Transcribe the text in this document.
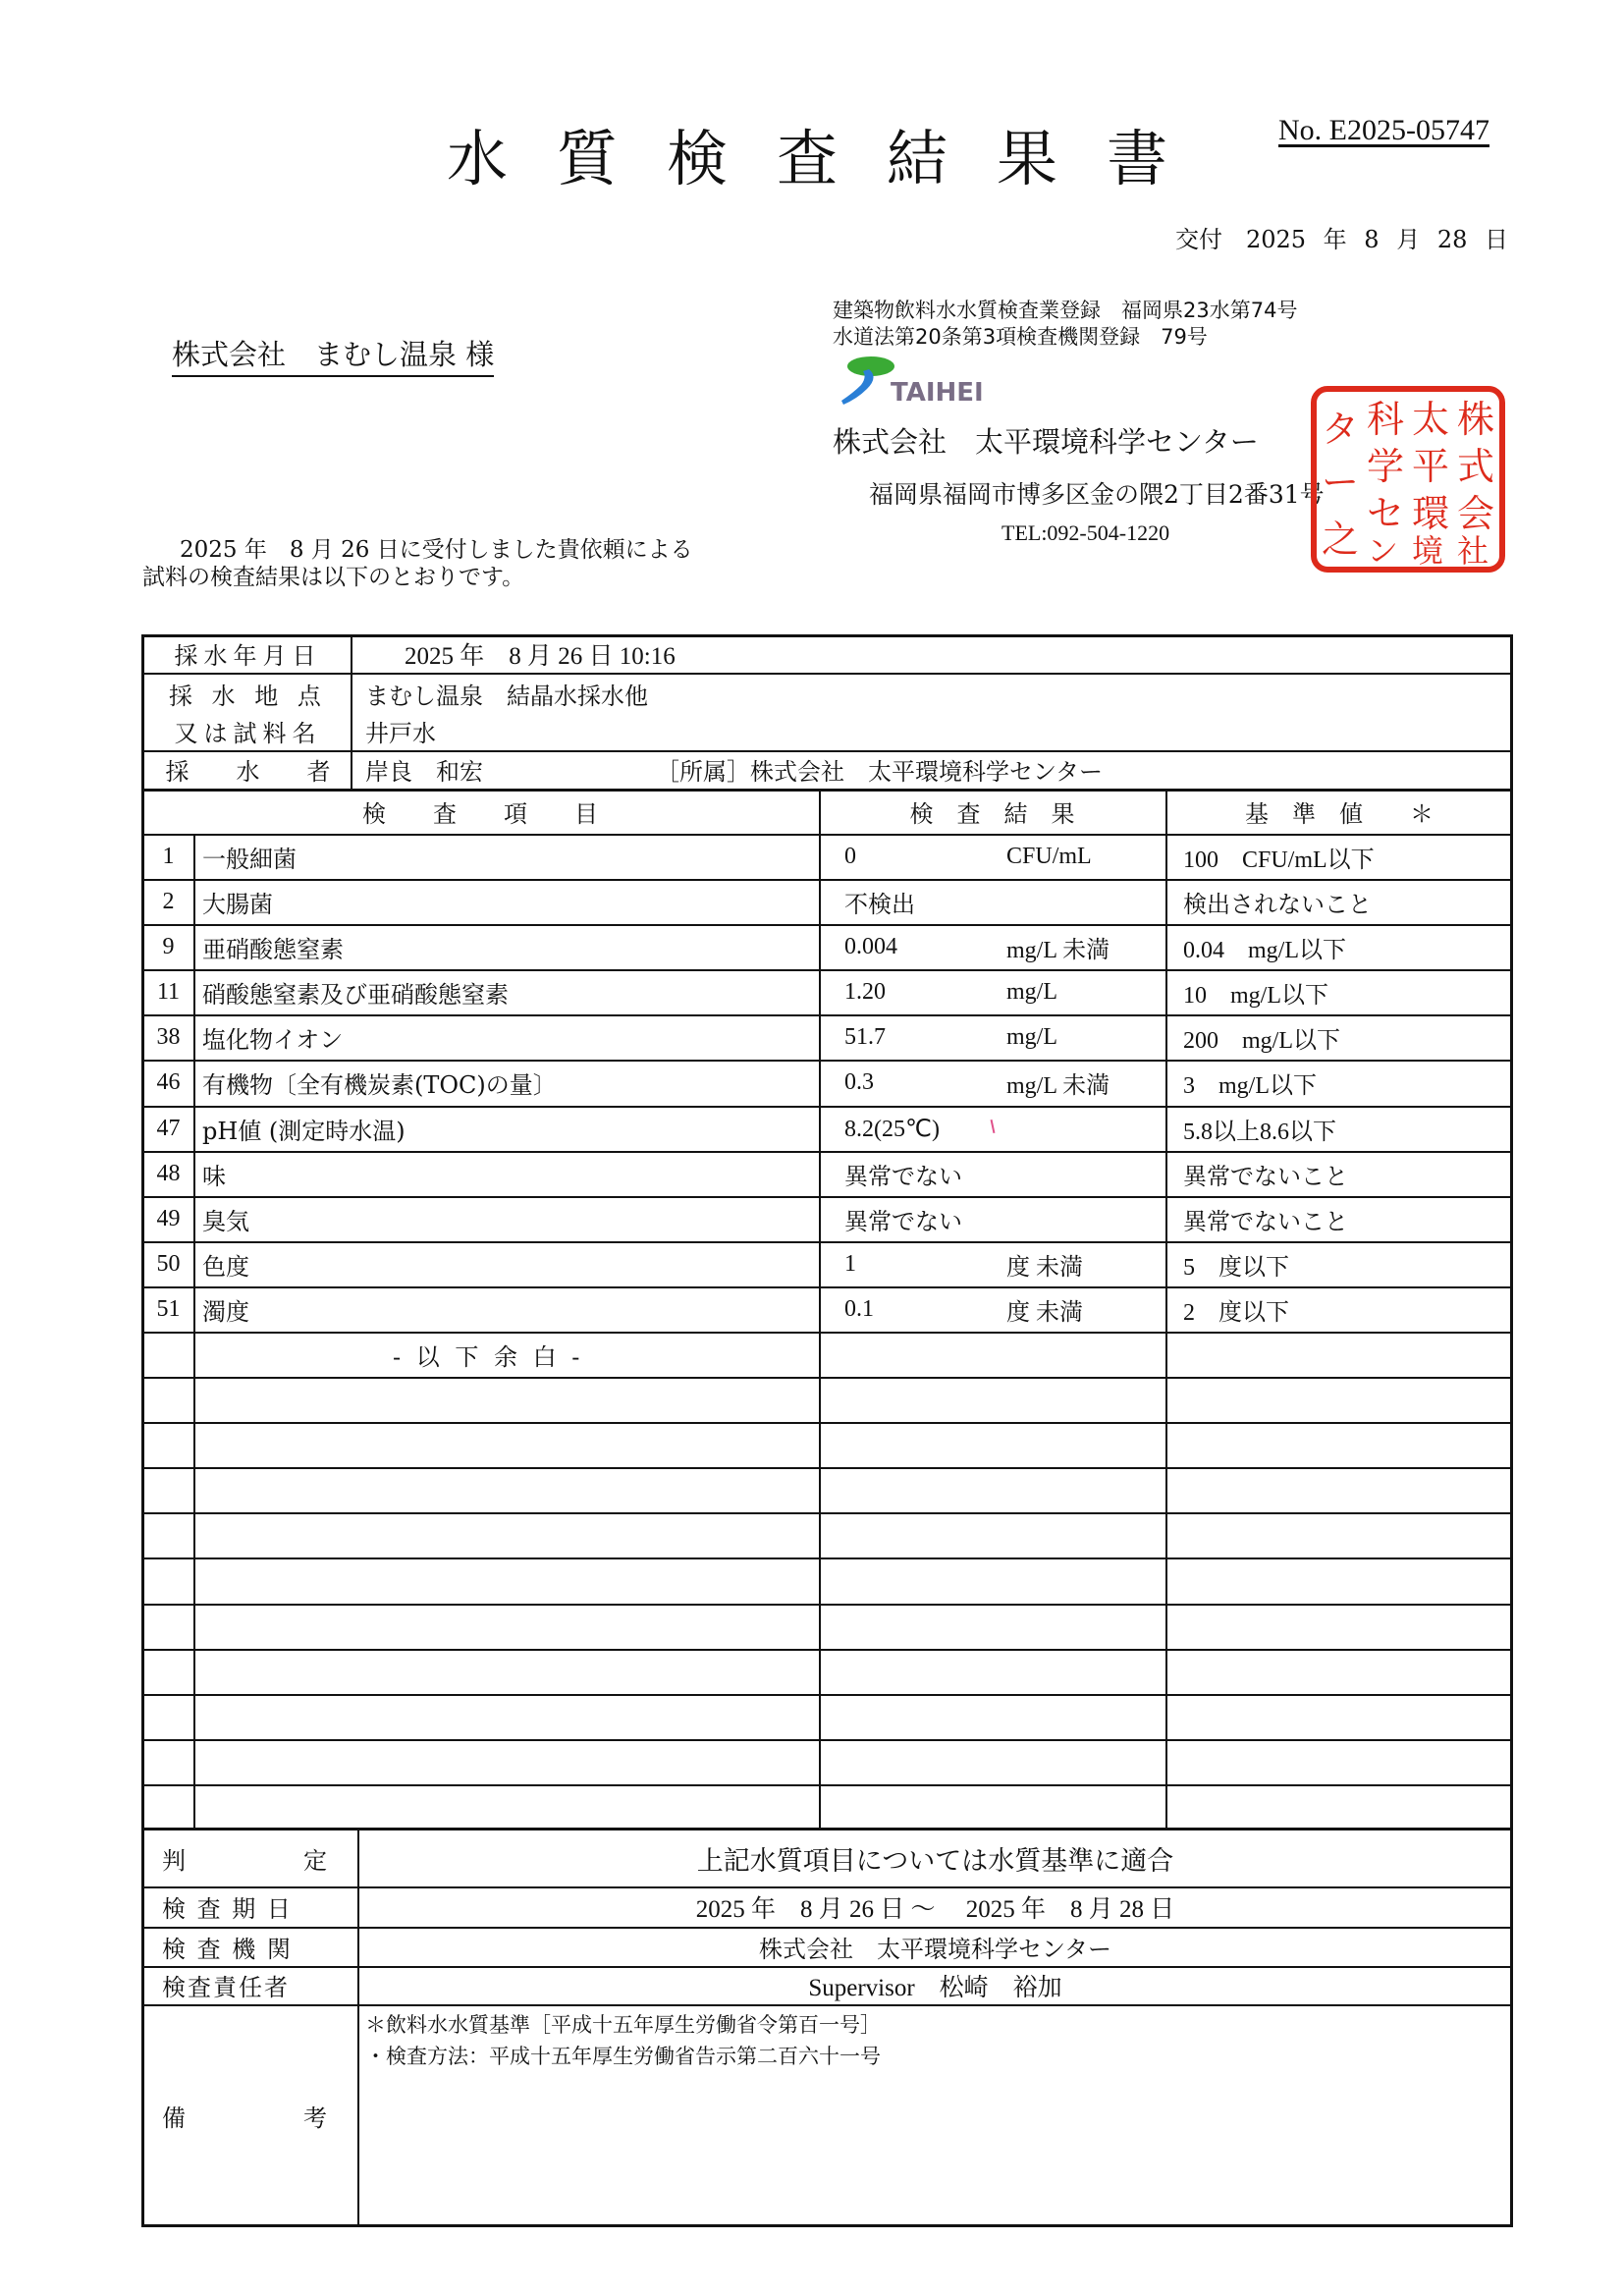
水質検査結果書 No. E2025-05747
交付　2025 年 8 月 28 日
株式会社　まむし温泉 様
建築物飲料水水質検査業登録　福岡県23水第74号
水道法第20条第3項検査機関登録　79号
TAIHEI
株式会社　太平環境科学センター
福岡県福岡市博多区金の隈2丁目2番31号
TEL:092-504-1220
株
式
会
社
太
平
環
境
科
学
セ
ン
タ
ー
之
2025 年　8 月 26 日に受付しました貴依頼による
試料の検査結果は以下のとおりです。
採水年月日	2025 年　8 月 26 日 10:16
採 水 地 点
又は試料名
まむし温泉　結晶水採水他
井戸水
採　　水　　者	岸良　和宏	［所属］株式会社　太平環境科学センター
検　　査　　項　　目	検　査　結　果	基　準　値　　＊
1	一般細菌	0	CFU/mL	100　CFU/mL以下
2	大腸菌	不検出	検出されないこと
9	亜硝酸態窒素	0.004	mg/L 未満	0.04　mg/L以下
11 硝酸態窒素及び亜硝酸態窒素	1.20	mg/L	10　mg/L以下
38 塩化物イオン	51.7	mg/L	200　mg/L以下
46 有機物〔全有機炭素(TOC)の量〕	0.3	mg/L 未満	3　mg/L以下
47 pH値 (測定時水温)	8.2(25℃)	5.8以上8.6以下
48 味	異常でない	異常でないこと
49 臭気	異常でない	異常でないこと
50 色度	1	度 未満	5　度以下
51 濁度	0.1	度 未満	2　度以下
- 以 下 余 白 -
判　　　　　定	上記水質項目については水質基準に適合
検 査 期 日	2025 年　8 月 26 日 ～　 2025 年　8 月 28 日
検 査 機 関	株式会社　太平環境科学センター
検査責任者	Supervisor　松崎　裕加
備　　　　　考
＊飲料水水質基準［平成十五年厚生労働省令第百一号］
・検査方法：平成十五年厚生労働省告示第二百六十一号
